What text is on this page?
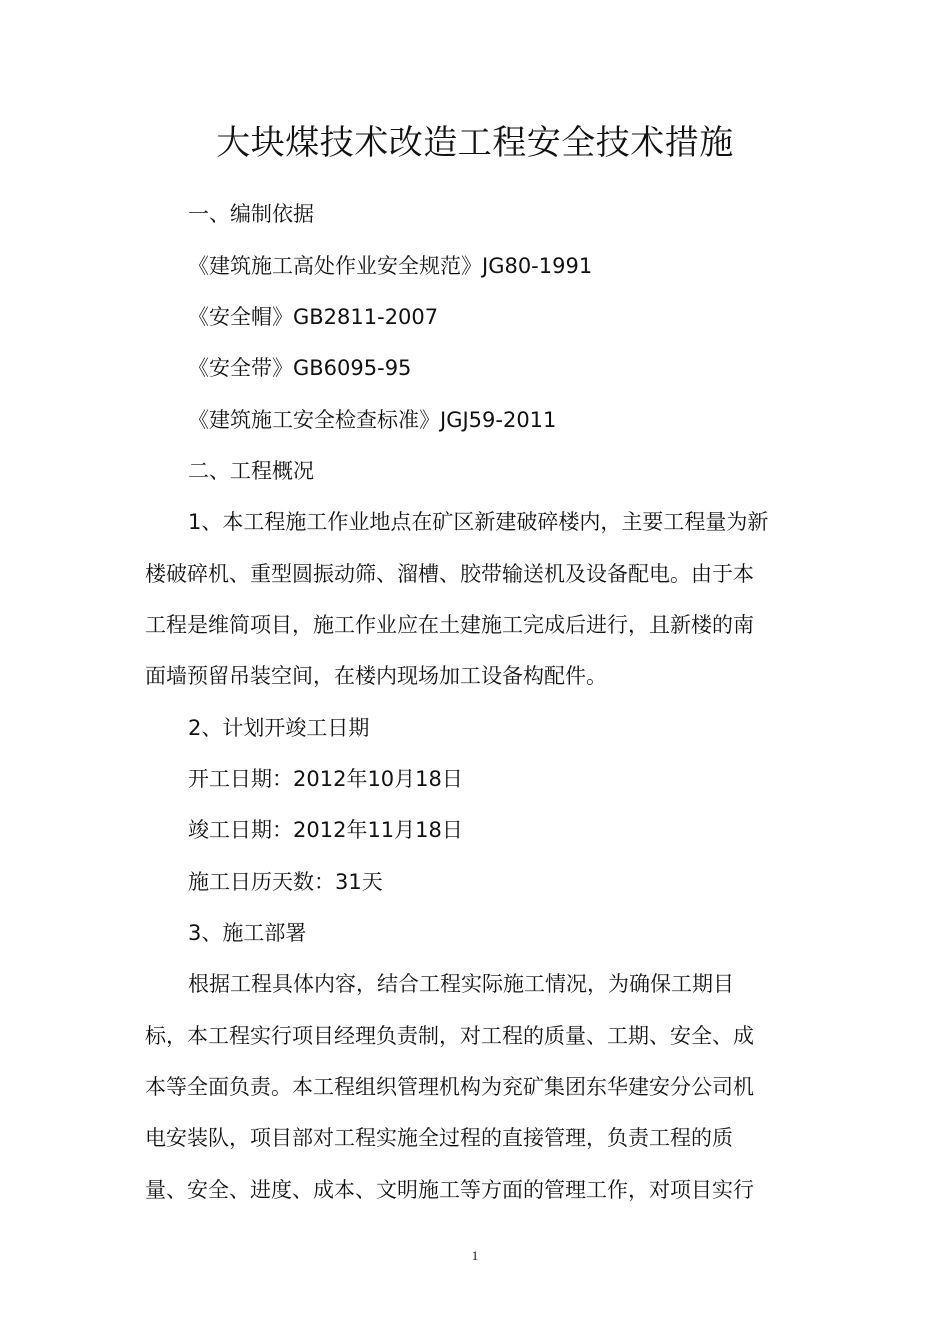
大块煤技术改造工程安全技术措施
一、编制依据
《建筑施工高处作业安全规范》JG80-1991
《安全帽》GB2811-2007
《安全带》GB6095-95
《建筑施工安全检查标准》JGJ59-2011
二、工程概况
1、本工程施工作业地点在矿区新建破碎楼内，主要工程量为新
楼破碎机、重型圆振动筛、溜槽、胶带输送机及设备配电。由于本
工程是维简项目，施工作业应在土建施工完成后进行，且新楼的南
面墙预留吊装空间，在楼内现场加工设备构配件。
2、计划开竣工日期
开工日期：2012年10月18日
竣工日期：2012年11月18日
施工日历天数：31天
3、施工部署
根据工程具体内容，结合工程实际施工情况，为确保工期目
标，本工程实行项目经理负责制，对工程的质量、工期、安全、成
本等全面负责。本工程组织管理机构为兖矿集团东华建安分公司机
电安装队，项目部对工程实施全过程的直接管理，负责工程的质
量、安全、进度、成本、文明施工等方面的管理工作，对项目实行
1
